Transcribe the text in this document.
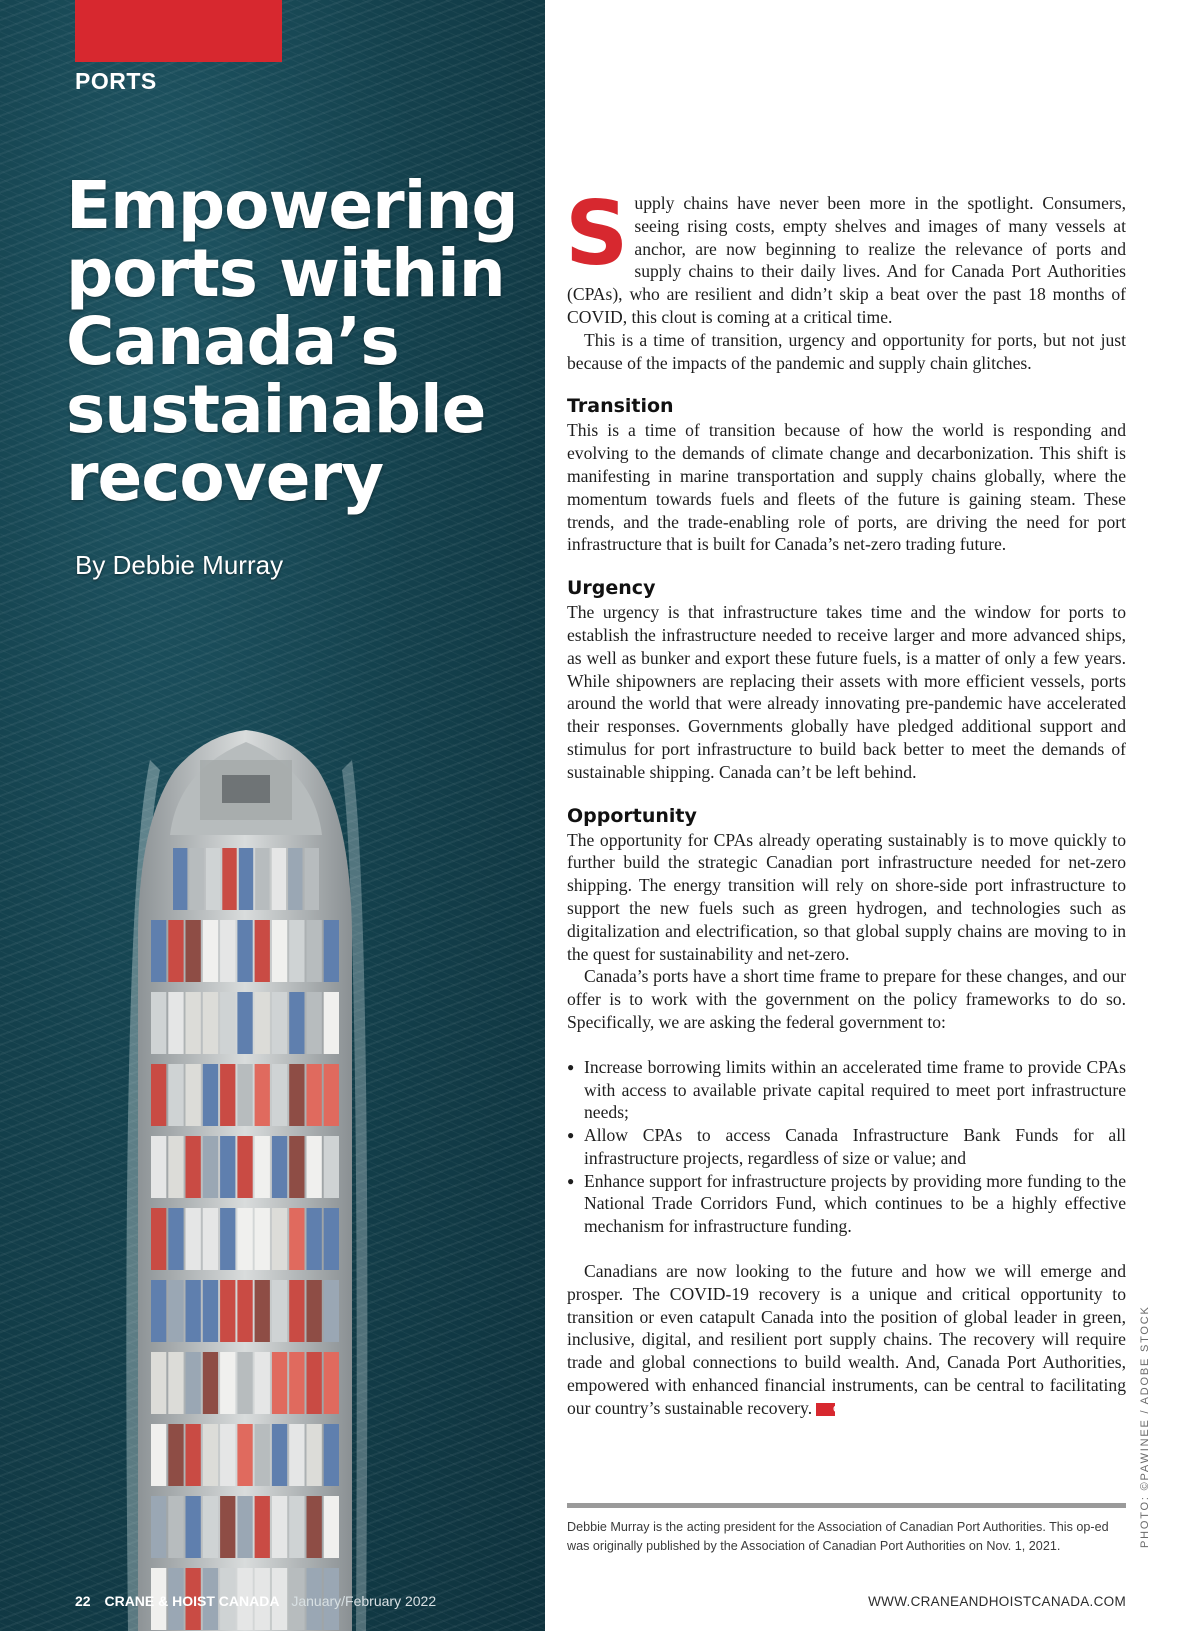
PORTS
Empowering ports within Canada’s sustainable recovery
By Debbie Murray
22 CRANE & HOIST CANADA January/February 2022

Supply chains have never been more in the spotlight. Consumers, seeing rising costs, empty shelves and images of many vessels at anchor, are now beginning to realize the relevance of ports and supply chains to their daily lives. And for Canada Port Authorities (CPAs), who are resilient and didn’t skip a beat over the past 18 months of COVID, this clout is coming at a critical time.

This is a time of transition, urgency and opportunity for ports, but not just because of the impacts of the pandemic and supply chain glitches.

Transition

This is a time of transition because of how the world is responding and evolving to the demands of climate change and decarbonization. This shift is manifesting in marine transportation and supply chains globally, where the momentum towards fuels and fleets of the future is gaining steam. These trends, and the trade-enabling role of ports, are driving the need for port infrastructure that is built for Canada’s net-zero trading future.

Urgency

The urgency is that infrastructure takes time and the window for ports to establish the infrastructure needed to receive larger and more advanced ships, as well as bunker and export these future fuels, is a matter of only a few years. While shipowners are replacing their assets with more efficient vessels, ports around the world that were already innovating pre-pandemic have accelerated their responses. Governments globally have pledged additional support and stimulus for port infrastructure to build back better to meet the demands of sustainable shipping. Canada can’t be left behind.

Opportunity

The opportunity for CPAs already operating sustainably is to move quickly to further build the strategic Canadian port infrastructure needed for net-zero shipping. The energy transition will rely on shore-side port infrastructure to support the new fuels such as green hydrogen, and technologies such as digitalization and electrification, so that global supply chains are moving to in the quest for sustainability and net-zero.

Canada’s ports have a short time frame to prepare for these changes, and our offer is to work with the government on the policy frameworks to do so. Specifically, we are asking the federal government to:

● Increase borrowing limits within an accelerated time frame to provide CPAs with access to available private capital required to meet port infrastructure needs;
● Allow CPAs to access Canada Infrastructure Bank Funds for all infrastructure projects, regardless of size or value; and
● Enhance support for infrastructure projects by providing more funding to the National Trade Corridors Fund, which continues to be a highly effective mechanism for infrastructure funding.

Canadians are now looking to the future and how we will emerge and prosper. The COVID-19 recovery is a unique and critical opportunity to transition or even catapult Canada into the position of global leader in green, inclusive, digital, and resilient port supply chains. The recovery will require trade and global connections to build wealth. And, Canada Port Authorities, empowered with enhanced financial instruments, can be central to facilitating our country’s sustainable recovery. CH

Debbie Murray is the acting president for the Association of Canadian Port Authorities. This op-ed was originally published by the Association of Canadian Port Authorities on Nov. 1, 2021.	PHOTO: ©PAWINEE / ADOBE STOCK
WWW.CRANEANDHOISTCANADA.COM
